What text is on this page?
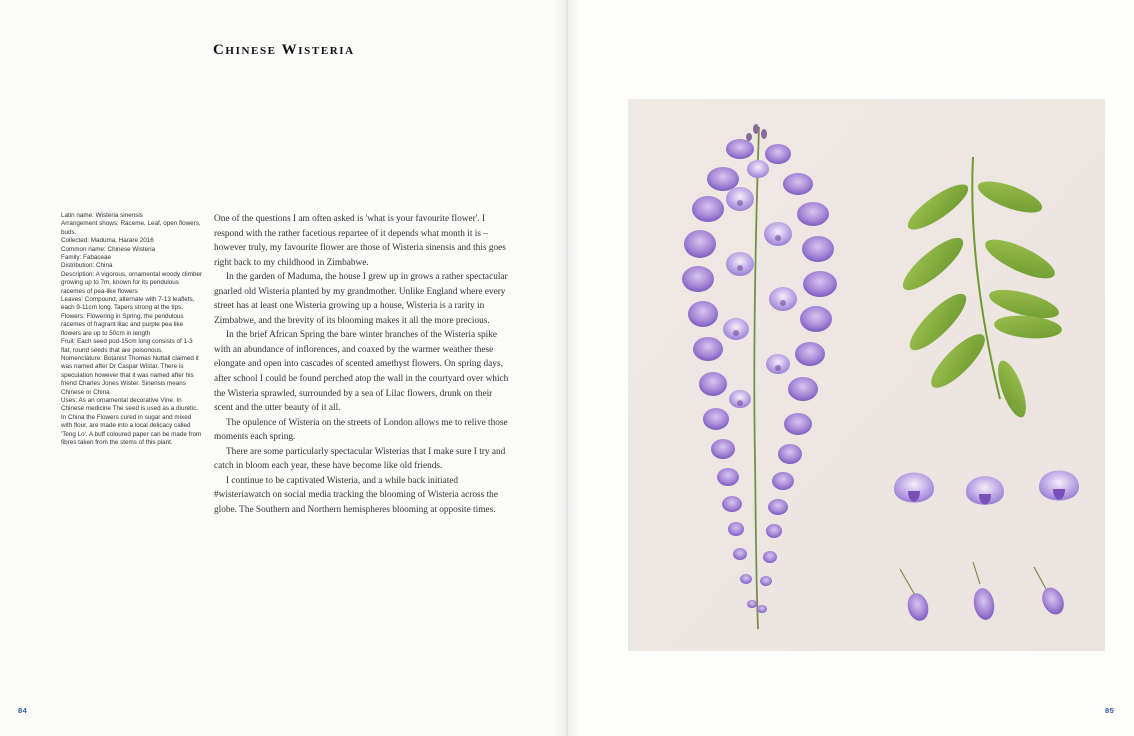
Chinese Wisteria

Latin name: Wisteria sinensis

Arrangement shows: Raceme, Leaf, open flowers, buds.

Collected: Maduma, Harare 2016

Common name: Chinese Wisteria

Family: Fabaceae

Distribution: China

Description: A vigorous, ornamental woody climber growing up to 7m, known for its pendulous racemes of pea-like flowers

Leaves: Compound, alternate with 7-13 leaflets, each 9-11cm long. Tapers strong at the tips.

Flowers: Flowering in Spring, the pendulous racemes of fragrant lilac and purple pea like flowers are up to 50cm in length

Fruit: Each seed pod-15cm long consists of 1-3 flat, round seeds that are poisonous.

Nomenclature: Botanist Thomas Nuttall claimed it was named after Dr Caspar Wistar. There is speculation however that it was named after his friend Charles Jones Wister. Sinensis means Chinese or China

Uses: As an ornamental decorative Vine. In Chinese medicine The seed is used as a diuretic. In China the Flowers cured in sugar and mixed with flour, are made into a local delicacy called 'Teng Lo'. A buff coloured paper can be made from fibres taken from the stems of this plant.

One of the questions I am often asked is 'what is your favourite flower'. I respond with the rather facetious repartee of it depends what month it is – however truly, my favourite flower are those of Wisteria sinensis and this goes right back to my childhood in Zimbabwe.

In the garden of Maduma, the house I grew up in grows a rather spectacular gnarled old Wisteria planted by my grandmother. Unlike England where every street has at least one Wisteria growing up a house, Wisteria is a rarity in Zimbabwe, and the brevity of its blooming makes it all the more precious.

In the brief African Spring the bare winter branches of the Wisteria spike with an abundance of inflorences, and coaxed by the warmer weather these elongate and open into cascades of scented amethyst flowers. On spring days, after school I could be found perched atop the wall in the courtyard over which the Wisteria sprawled, surrounded by a sea of Lilac flowers, drunk on their scent and the utter beauty of it all.

The opulence of Wisteria on the streets of London allows me to relive those moments each spring.

There are some particularly spectacular Wisterias that I make sure I try and catch in bloom each year, these have become like old friends.

I continue to be captivated Wisteria, and a while back initiated #wisteriawatch on social media tracking the blooming of Wisteria across the globe. The Southern and Northern hemispheres blooming at opposite times.

84	85
